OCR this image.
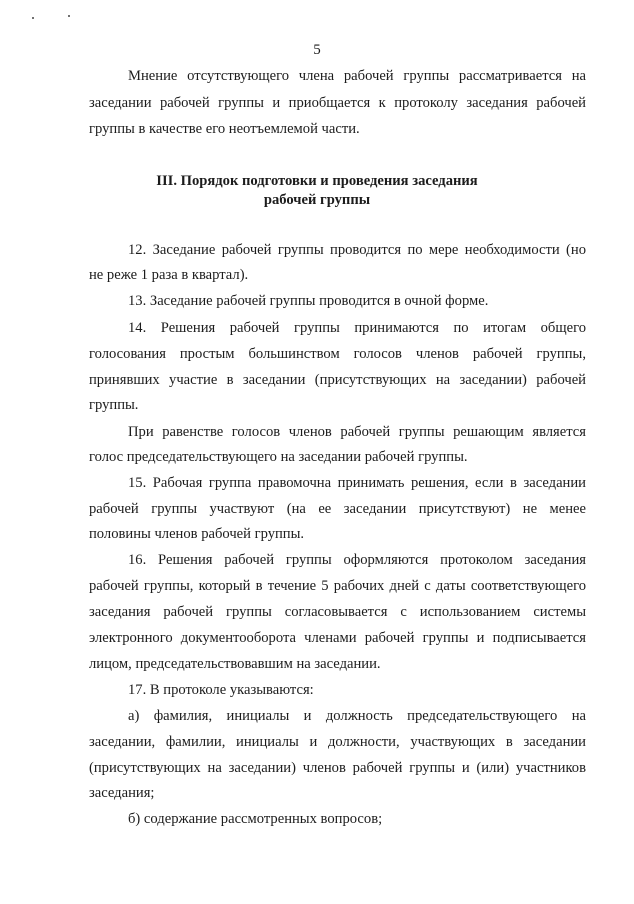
5
Мнение отсутствующего члена рабочей группы рассматривается на
заседании рабочей группы и приобщается к протоколу заседания рабочей
группы в качестве его неотъемлемой части.
III. Порядок подготовки и проведения заседания
рабочей группы
12. Заседание рабочей группы проводится по мере необходимости (но
не реже 1 раза в квартал).
13. Заседание рабочей группы проводится в очной форме.
14. Решения рабочей группы принимаются по итогам общего
голосования простым большинством голосов членов рабочей группы,
принявших участие в заседании (присутствующих на заседании) рабочей
группы.
При равенстве голосов членов рабочей группы решающим является
голос председательствующего на заседании рабочей группы.
15. Рабочая группа правомочна принимать решения, если в заседании
рабочей группы участвуют (на ее заседании присутствуют) не менее
половины членов рабочей группы.
16. Решения рабочей группы оформляются протоколом заседания
рабочей группы, который в течение 5 рабочих дней с даты соответствующего
заседания рабочей группы согласовывается с использованием системы
электронного документооборота членами рабочей группы и подписывается
лицом, председательствовавшим на заседании.
17. В протоколе указываются:
а) фамилия, инициалы и должность председательствующего на
заседании, фамилии, инициалы и должности, участвующих в заседании
(присутствующих на заседании) членов рабочей группы и (или) участников
заседания;
б) содержание рассмотренных вопросов;
